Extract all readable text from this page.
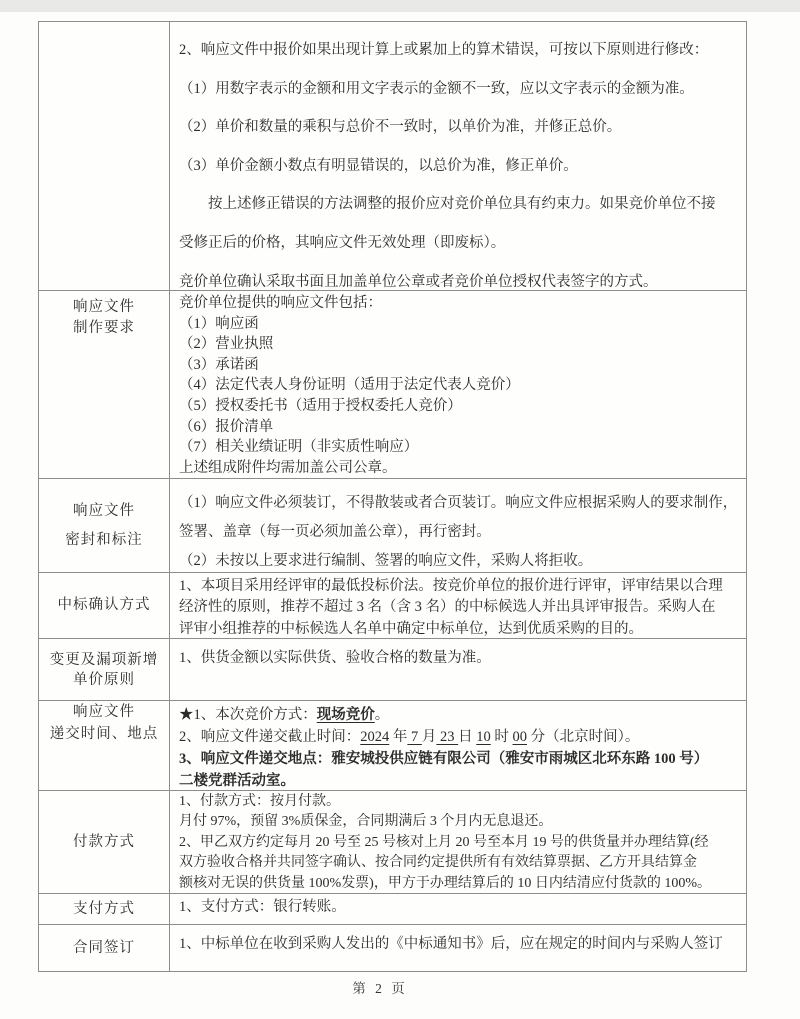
2、响应文件中报价如果出现计算上或累加上的算术错误，可按以下原则进行修改：
（1）用数字表示的金额和用文字表示的金额不一致，应以文字表示的金额为准。
（2）单价和数量的乘积与总价不一致时，以单价为准，并修正总价。
（3）单价金额小数点有明显错误的，以总价为准，修正单价。
　　按上述修正错误的方法调整的报价应对竞价单位具有约束力。如果竞价单位不接
受修正后的价格，其响应文件无效处理（即废标）。
竞价单位确认采取书面且加盖单位公章或者竞价单位授权代表签字的方式。
响应文件
制作要求
竞价单位提供的响应文件包括：
（1）响应函
（2）营业执照
（3）承诺函
（4）法定代表人身份证明（适用于法定代表人竞价）
（5）授权委托书（适用于授权委托人竞价）
（6）报价清单
（7）相关业绩证明（非实质性响应）
上述组成附件均需加盖公司公章。
响应文件
密封和标注
（1）响应文件必须装订，不得散装或者合页装订。响应文件应根据采购人的要求制作，
签署、盖章（每一页必须加盖公章），再行密封。
（2）未按以上要求进行编制、签署的响应文件，采购人将拒收。
中标确认方式
1、本项目采用经评审的最低投标价法。按竞价单位的报价进行评审，评审结果以合理
经济性的原则，推荐不超过 3 名（含 3 名）的中标候选人并出具评审报告。采购人在
评审小组推荐的中标候选人名单中确定中标单位，达到优质采购的目的。
变更及漏项新增
单价原则
1、供货金额以实际供货、验收合格的数量为准。
响应文件
递交时间、地点
★1、本次竞价方式：现场竞价。
2、响应文件递交截止时间：2024 年 7 月 23 日 10 时 00 分（北京时间）。
3、响应文件递交地点：雅安城投供应链有限公司（雅安市雨城区北环东路 100 号）
二楼党群活动室。
付款方式
1、付款方式：按月付款。
月付 97%，预留 3%质保金，合同期满后 3 个月内无息退还。
2、甲乙双方约定每月 20 号至 25 号核对上月 20 号至本月 19 号的供货量并办理结算(经
双方验收合格并共同签字确认、按合同约定提供所有有效结算票据、乙方开具结算金
额核对无误的供货量 100%发票)，甲方于办理结算后的 10 日内结清应付货款的 100%。
支付方式	1、支付方式：银行转账。
合同签订	1、中标单位在收到采购人发出的《中标通知书》后，应在规定的时间内与采购人签订
第 2 页
